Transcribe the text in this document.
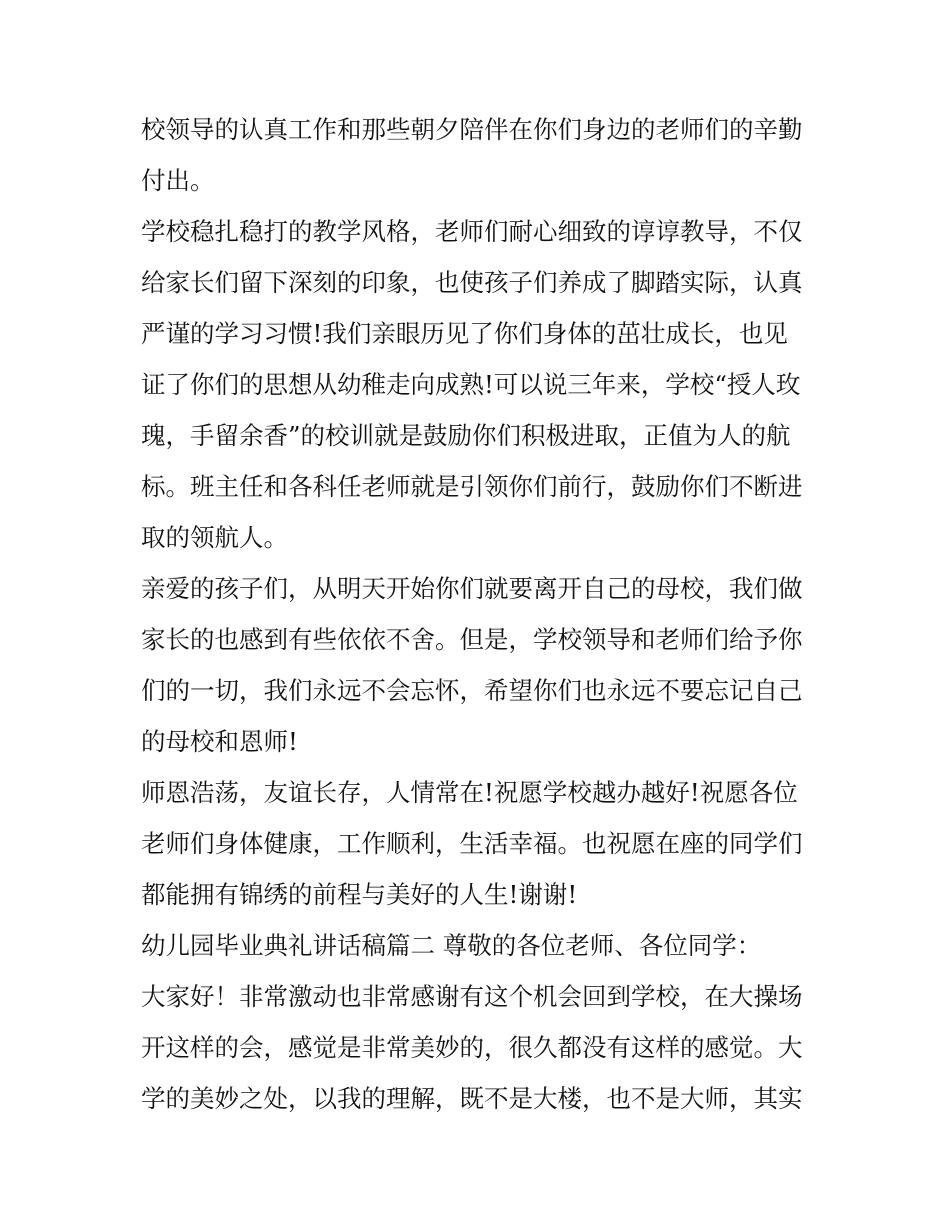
校领导的认真工作和那些朝夕陪伴在你们身边的老师们的辛勤
付出。
学校稳扎稳打的教学风格，老师们耐心细致的谆谆教导，不仅
给家长们留下深刻的印象，也使孩子们养成了脚踏实际，认真
严谨的学习习惯!我们亲眼历见了你们身体的茁壮成长，也见
证了你们的思想从幼稚走向成熟!可以说三年来，学校“授人玫
瑰，手留余香”的校训就是鼓励你们积极进取，正值为人的航
标。班主任和各科任老师就是引领你们前行，鼓励你们不断进
取的领航人。
亲爱的孩子们，从明天开始你们就要离开自己的母校，我们做
家长的也感到有些依依不舍。但是，学校领导和老师们给予你
们的一切，我们永远不会忘怀，希望你们也永远不要忘记自己
的母校和恩师!
师恩浩荡，友谊长存，人情常在!祝愿学校越办越好!祝愿各位
老师们身体健康，工作顺利，生活幸福。也祝愿在座的同学们
都能拥有锦绣的前程与美好的人生!谢谢!
幼儿园毕业典礼讲话稿篇二 尊敬的各位老师、各位同学：
大家好！非常激动也非常感谢有这个机会回到学校，在大操场
开这样的会，感觉是非常美妙的，很久都没有这样的感觉。大
学的美妙之处，以我的理解，既不是大楼，也不是大师，其实
